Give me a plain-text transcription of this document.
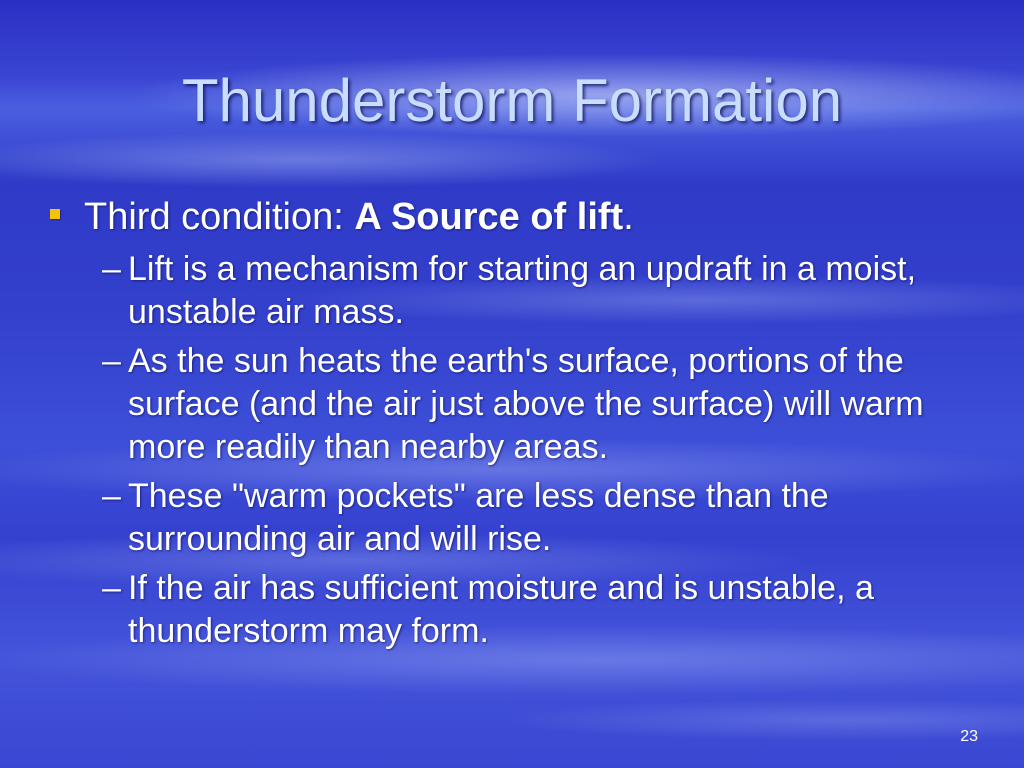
Thunderstorm Formation
Third condition: A Source of lift.
– Lift is a mechanism for starting an updraft in a moist, unstable air mass.
– As the sun heats the earth's surface, portions of the surface (and the air just above the surface) will warm more readily than nearby areas.
– These "warm pockets" are less dense than the surrounding air and will rise.
– If the air has sufficient moisture and is unstable, a thunderstorm may form.
23
